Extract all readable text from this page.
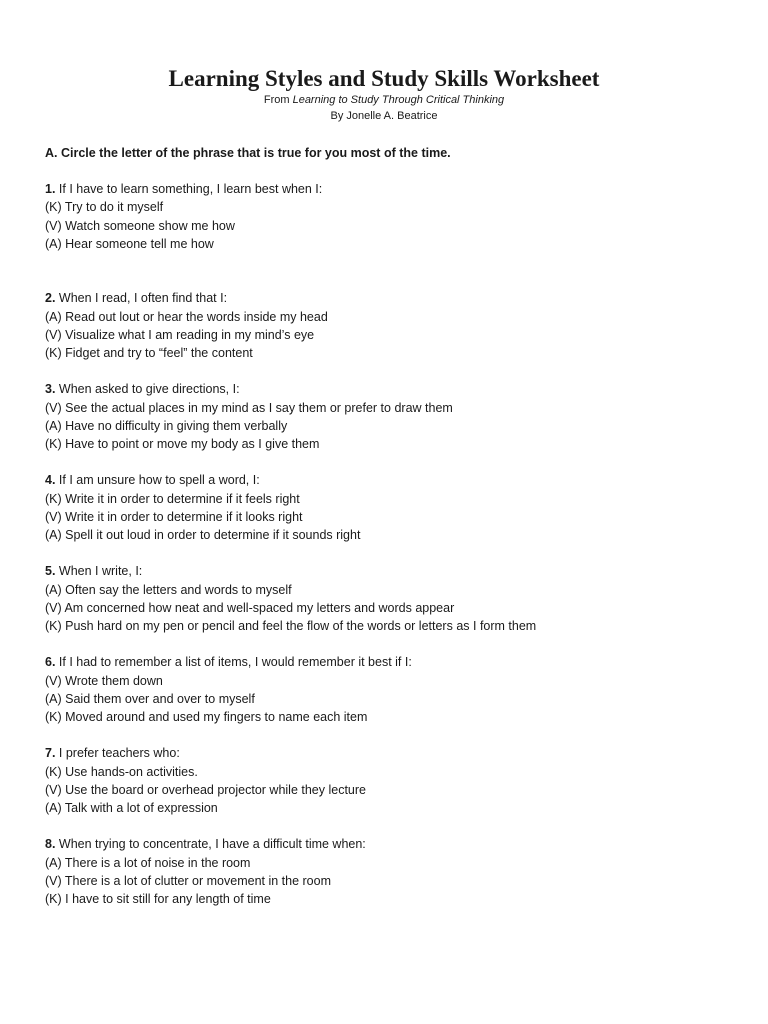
Learning Styles and Study Skills Worksheet

From Learning to Study Through Critical Thinking

By Jonelle A. Beatrice

A. Circle the letter of the phrase that is true for you most of the time.

1. If I have to learn something, I learn best when I:

(K) Try to do it myself

(V) Watch someone show me how

(A) Hear someone tell me how

2. When I read, I often find that I:

(A) Read out lout or hear the words inside my head

(V) Visualize what I am reading in my mind’s eye

(K) Fidget and try to “feel” the content

3. When asked to give directions, I:

(V) See the actual places in my mind as I say them or prefer to draw them

(A) Have no difficulty in giving them verbally

(K) Have to point or move my body as I give them

4. If I am unsure how to spell a word, I:

(K) Write it in order to determine if it feels right

(V) Write it in order to determine if it looks right

(A) Spell it out loud in order to determine if it sounds right

5. When I write, I:

(A) Often say the letters and words to myself

(V) Am concerned how neat and well-spaced my letters and words appear

(K) Push hard on my pen or pencil and feel the flow of the words or letters as I form them

6. If I had to remember a list of items, I would remember it best if I:

(V) Wrote them down

(A) Said them over and over to myself

(K) Moved around and used my fingers to name each item

7. I prefer teachers who:

(K) Use hands-on activities.

(V) Use the board or overhead projector while they lecture

(A) Talk with a lot of expression

8. When trying to concentrate, I have a difficult time when:

(A) There is a lot of noise in the room

(V) There is a lot of clutter or movement in the room

(K) I have to sit still for any length of time
